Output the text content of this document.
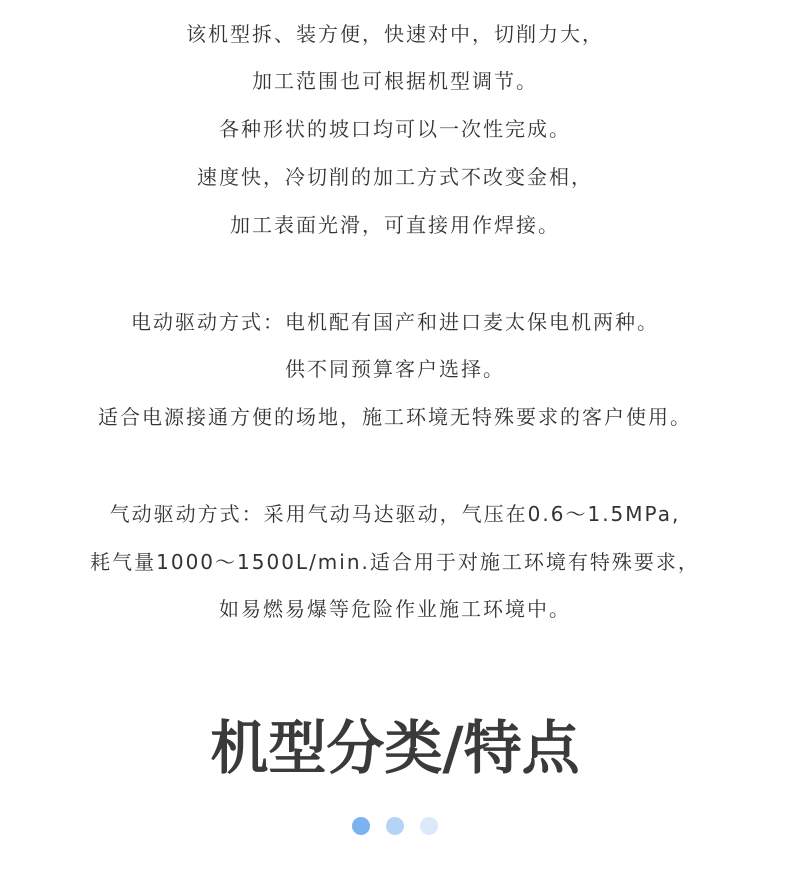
该机型拆、装方便，快速对中，切削力大，
加工范围也可根据机型调节。
各种形状的坡口均可以一次性完成。
速度快，冷切削的加工方式不改变金相，
加工表面光滑，可直接用作焊接。
电动驱动方式：电机配有国产和进口麦太保电机两种。
供不同预算客户选择。
适合电源接通方便的场地，施工环境无特殊要求的客户使用。
气动驱动方式：采用气动马达驱动，气压在0.6～1.5MPa,
耗气量1000～1500L/min.适合用于对施工环境有特殊要求，
如易燃易爆等危险作业施工环境中。
机型分类/特点
